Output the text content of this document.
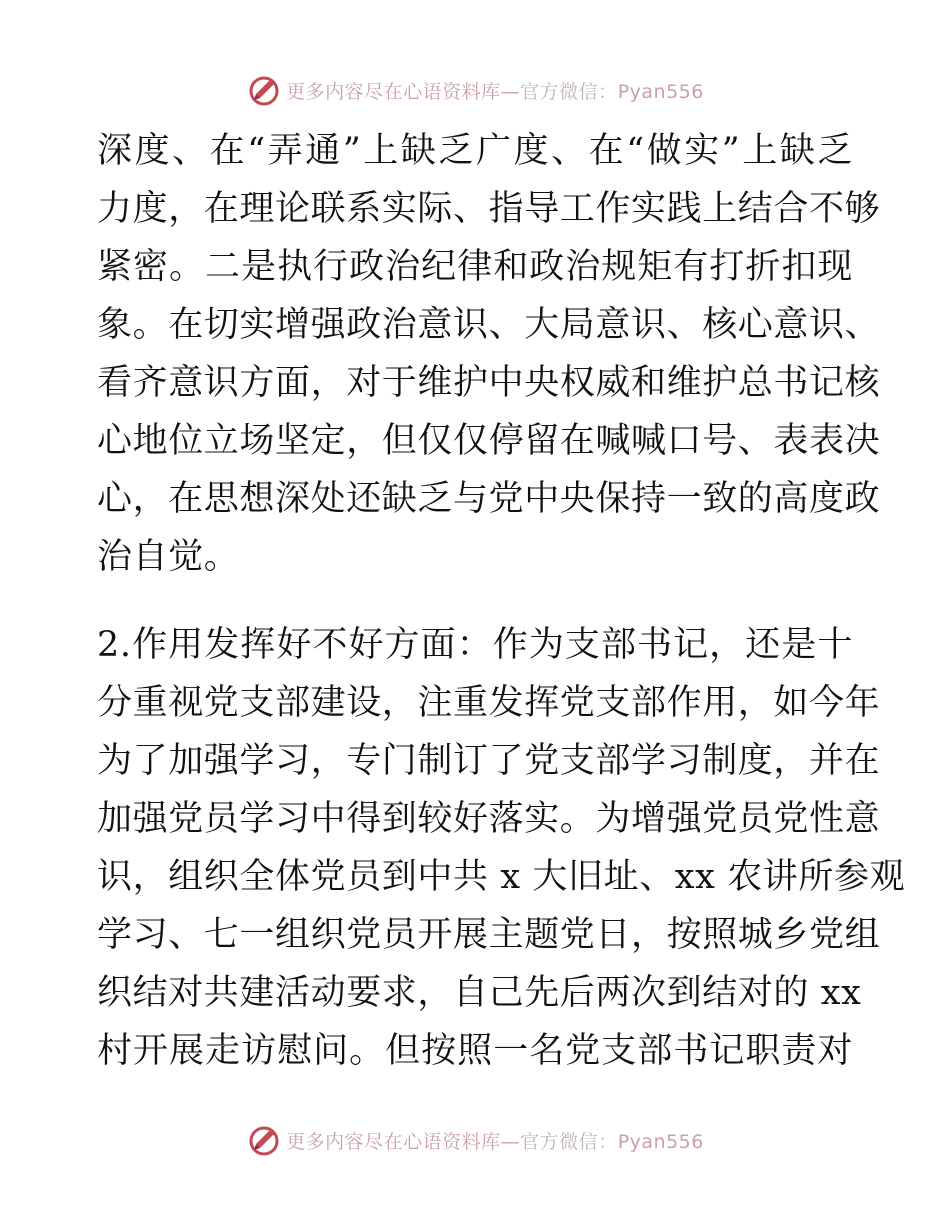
更多内容尽在心语资料库—官方微信：Pyan556
深度、在“弄通”上缺乏广度、在“做实”上缺乏
力度，在理论联系实际、指导工作实践上结合不够
紧密。二是执行政治纪律和政治规矩有打折扣现
象。在切实增强政治意识、大局意识、核心意识、
看齐意识方面，对于维护中央权威和维护总书记核
心地位立场坚定，但仅仅停留在喊喊口号、表表决
心，在思想深处还缺乏与党中央保持一致的高度政
治自觉。
2.作用发挥好不好方面：作为支部书记，还是十
分重视党支部建设，注重发挥党支部作用，如今年
为了加强学习，专门制订了党支部学习制度，并在
加强党员学习中得到较好落实。为增强党员党性意
识，组织全体党员到中共 x 大旧址、xx 农讲所参观
学习、七一组织党员开展主题党日，按照城乡党组
织结对共建活动要求，自己先后两次到结对的 xx
村开展走访慰问。但按照一名党支部书记职责对
更多内容尽在心语资料库—官方微信：Pyan556
